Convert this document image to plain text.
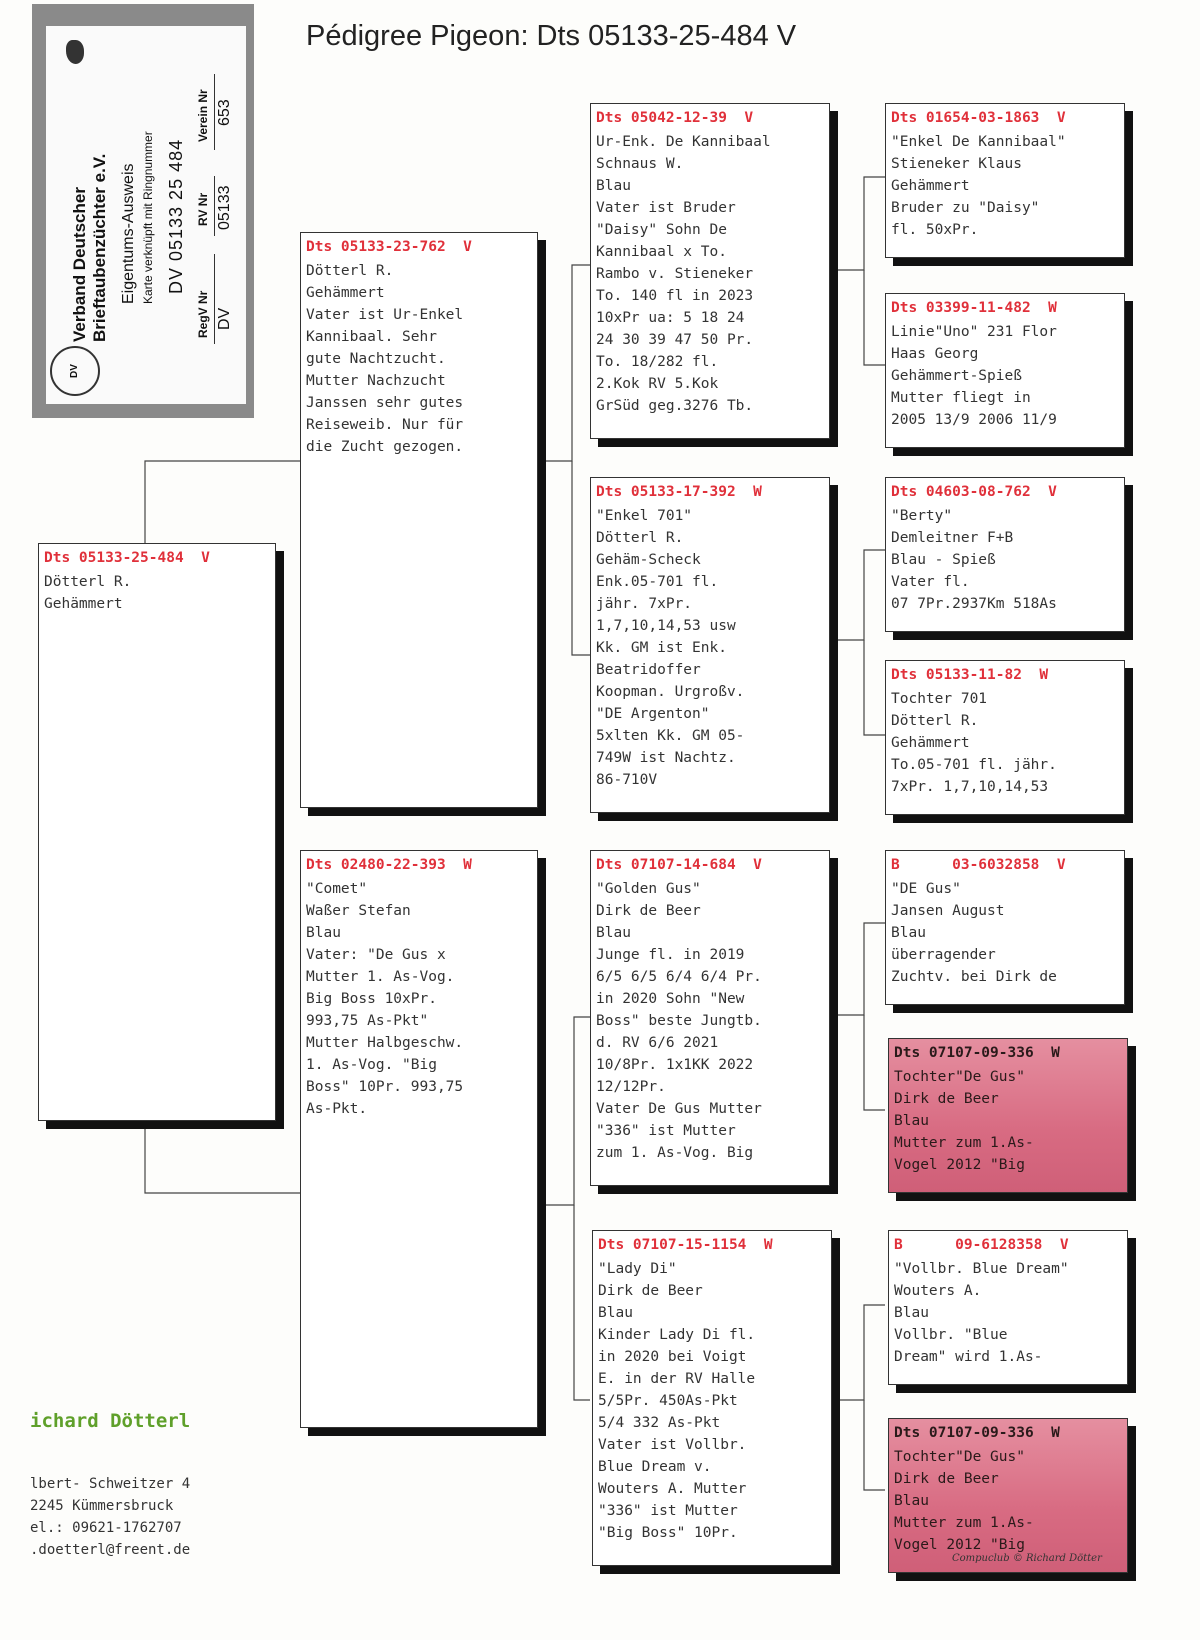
Pédigree Pigeon: Dts 05133-25-484 V
DV
Verband Deutscher Brieftaubenzüchter e.V. Eigentums-Ausweis Karte verknüpft mit Ringnummer DV 05133 25 484
RegV Nr DV
RV Nr 05133
Verein Nr 653
Dts 05133-25-484  V
Dötterl R.
Gehämmert
Dts 05133-23-762  V
Dötterl R.
Gehämmert
Vater ist Ur-Enkel
Kannibaal. Sehr
gute Nachtzucht.
Mutter Nachzucht
Janssen sehr gutes
Reiseweib. Nur für
die Zucht gezogen.
Dts 02480-22-393  W
"Comet"
Waßer Stefan
Blau
Vater: "De Gus x
Mutter 1. As-Vog.
Big Boss 10xPr.
993,75 As-Pkt"
Mutter Halbgeschw.
1. As-Vog. "Big
Boss" 10Pr. 993,75
As-Pkt.
Dts 05042-12-39  V
Ur-Enk. De Kannibaal
Schnaus W.
Blau
Vater ist Bruder
"Daisy" Sohn De
Kannibaal x To.
Rambo v. Stieneker
To. 140 fl in 2023
10xPr ua: 5 18 24
24 30 39 47 50 Pr.
To. 18/282 fl.
2.Kok RV 5.Kok
GrSüd geg.3276 Tb.
Dts 05133-17-392  W
"Enkel 701"
Dötterl R.
Gehäm-Scheck
Enk.05-701 fl.
jähr. 7xPr.
1,7,10,14,53 usw
Kk. GM ist Enk.
Beatridoffer
Koopman. Urgroßv.
"DE Argenton"
5xlten Kk. GM 05-
749W ist Nachtz.
86-710V
Dts 07107-14-684  V
"Golden Gus"
Dirk de Beer
Blau
Junge fl. in 2019
6/5 6/5 6/4 6/4 Pr.
in 2020 Sohn "New
Boss" beste Jungtb.
d. RV 6/6 2021
10/8Pr. 1x1KK 2022
12/12Pr.
Vater De Gus Mutter
"336" ist Mutter
zum 1. As-Vog. Big
Dts 07107-15-1154  W
"Lady Di"
Dirk de Beer
Blau
Kinder Lady Di fl.
in 2020 bei Voigt
E. in der RV Halle
5/5Pr. 450As-Pkt
5/4 332 As-Pkt
Vater ist Vollbr.
Blue Dream v.
Wouters A. Mutter
"336" ist Mutter
"Big Boss" 10Pr.
Dts 01654-03-1863  V
"Enkel De Kannibaal"
Stieneker Klaus
Gehämmert
Bruder zu "Daisy"
fl. 50xPr.
Dts 03399-11-482  W
Linie"Uno" 231 Flor
Haas Georg
Gehämmert-Spieß
Mutter fliegt in
2005 13/9 2006 11/9
Dts 04603-08-762  V
"Berty"
Demleitner F+B
Blau - Spieß
Vater fl.
07 7Pr.2937Km 518As
Dts 05133-11-82  W
Tochter 701
Dötterl R.
Gehämmert
To.05-701 fl. jähr.
7xPr. 1,7,10,14,53
B      03-6032858  V
"DE Gus"
Jansen August
Blau
überragender
Zuchtv. bei Dirk de
Dts 07107-09-336  W
Tochter"De Gus"
Dirk de Beer
Blau
Mutter zum 1.As-
Vogel 2012 "Big
B      09-6128358  V
"Vollbr. Blue Dream"
Wouters A.
Blau
Vollbr. "Blue
Dream" wird 1.As-
Dts 07107-09-336  W
Tochter"De Gus"
Dirk de Beer
Blau
Mutter zum 1.As-
Vogel 2012 "Big
ichard Dötterl
lbert- Schweitzer 4
2245 Kümmersbruck
el.: 09621-1762707
.doetterl@freent.de
Compuclub © Richard Dötter
